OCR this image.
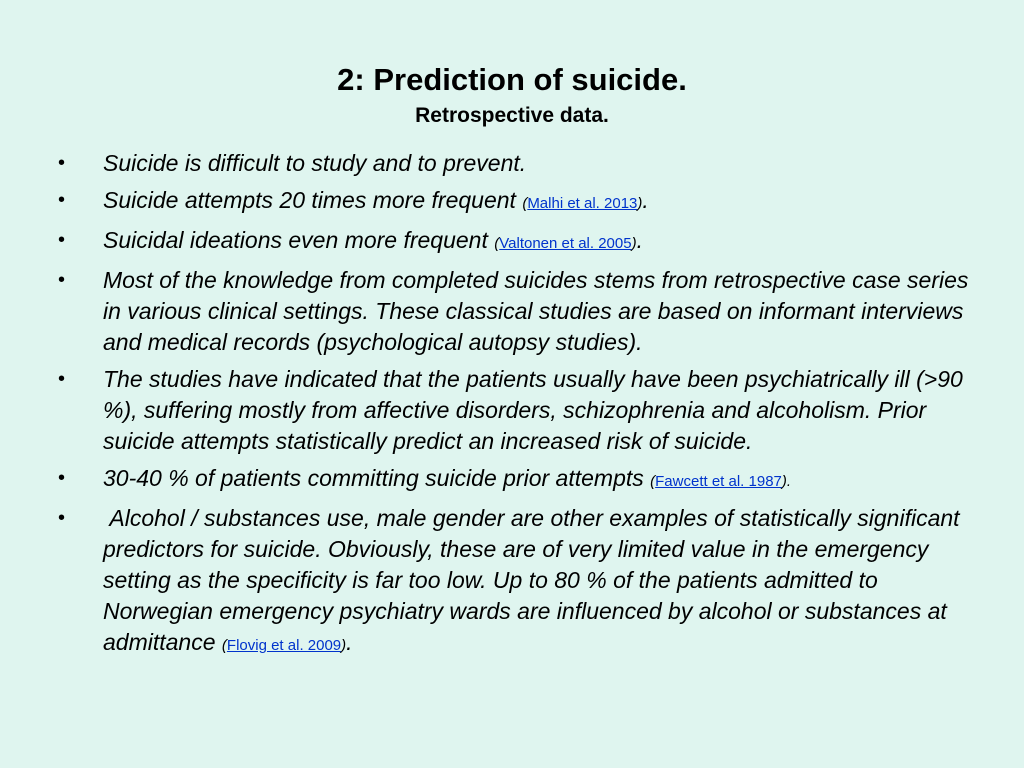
2: Prediction of suicide.
Retrospective data.
• Suicide is difficult to study and to prevent.
• Suicide attempts 20 times more frequent (Malhi et al. 2013).
• Suicidal ideations even more frequent (Valtonen et al. 2005).
• Most of the knowledge from completed suicides stems from retrospective case series in various clinical settings. These classical studies are based on informant interviews and medical records (psychological autopsy studies).
• The studies have indicated that the patients usually have been psychiatrically ill (>90 %), suffering mostly from affective disorders, schizophrenia and alcoholism. Prior suicide attempts statistically predict an increased risk of suicide.
• 30-40 % of patients committing suicide prior attempts (Fawcett et al. 1987).
• Alcohol / substances use, male gender are other examples of statistically significant predictors for suicide. Obviously, these are of very limited value in the emergency setting as the specificity is far too low. Up to 80 % of the patients admitted to Norwegian emergency psychiatry wards are influenced by alcohol or substances at admittance (Flovig et al. 2009).
